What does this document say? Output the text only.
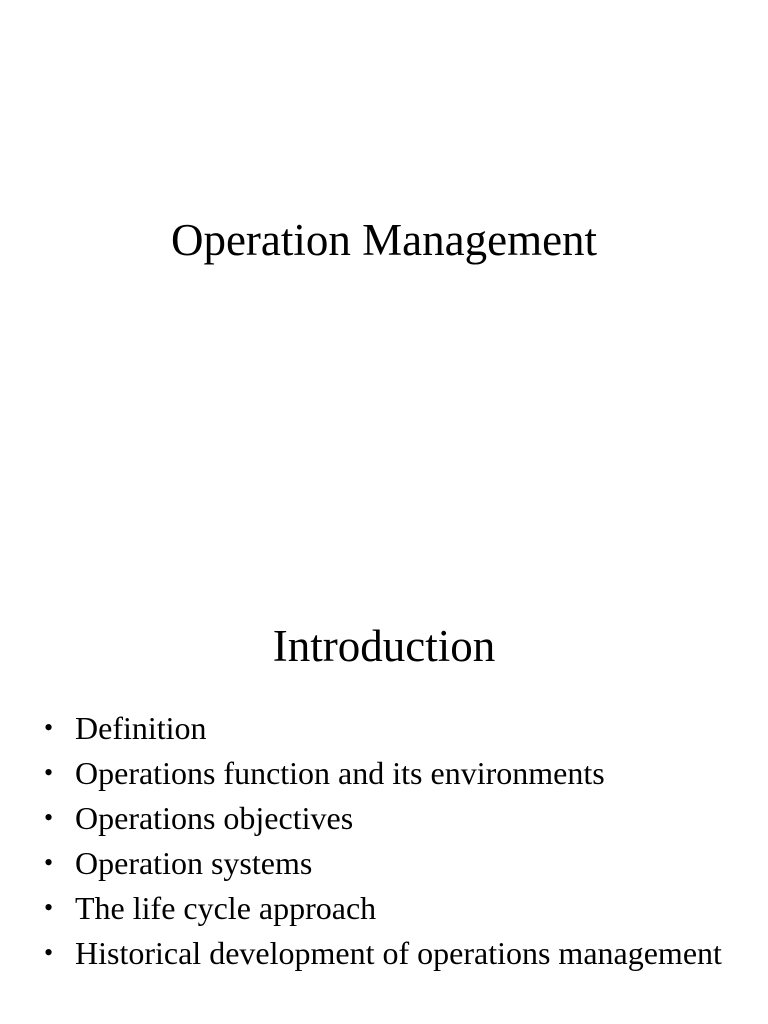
Operation Management
Introduction
• Definition
• Operations function and its environments
• Operations objectives
• Operation systems
• The life cycle approach
• Historical development of operations management
